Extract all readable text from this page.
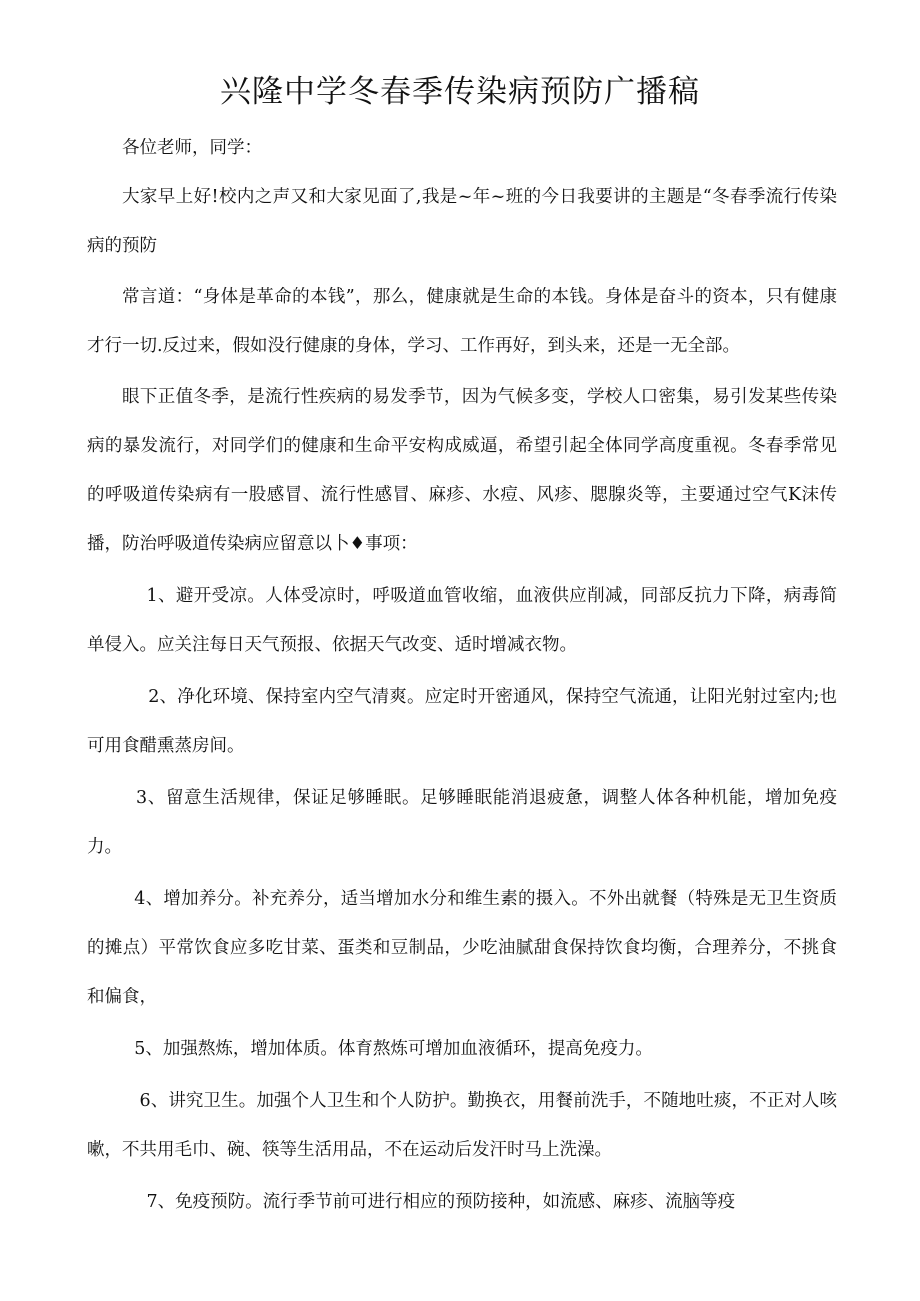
兴隆中学冬春季传染病预防广播稿

各位老师，同学：

大家早上好!校内之声又和大家见面了,我是~年~班的今日我要讲的主题是“冬春季流行传染病的预防

常言道：“身体是革命的本钱”，那么，健康就是生命的本钱。身体是奋斗的资本，只有健康才行一切.反过来，假如没行健康的身体，学习、工作再好，到头来，还是一无全部。

眼下正值冬季，是流行性疾病的易发季节，因为气候多变，学校人口密集，易引发某些传染病的暴发流行，对同学们的健康和生命平安构成威逼，希望引起全体同学高度重视。冬春季常见的呼吸道传染病有一股感冒、流行性感冒、麻疹、水痘、风疹、腮腺炎等，主要通过空气K沫传播，防治呼吸道传染病应留意以卜♦事项：

1、避开受凉。人体受凉时，呼吸道血管收缩，血液供应削减，同部反抗力下降，病毒简单侵入。应关注每日天气预报、依据天气改变、适时增减衣物。

2、净化环境、保持室内空气清爽。应定时开密通风，保持空气流通，让阳光射过室内;也可用食醋熏蒸房间。

3、留意生活规律，保证足够睡眠。足够睡眠能消退疲惫，调整人体各种机能，增加免疫力。

4、增加养分。补充养分，适当增加水分和维生素的摄入。不外出就餐（特殊是无卫生资质的摊点）平常饮食应多吃甘菜、蛋类和豆制品，少吃油腻甜食保持饮食均衡，合理养分，不挑食和偏食，

5、加强熬炼，增加体质。体育熬炼可增加血液循环，提高免疫力。

6、讲究卫生。加强个人卫生和个人防护。勤换衣，用餐前洗手，不随地吐痰，不正对人咳嗽，不共用毛巾、碗、筷等生活用品，不在运动后发汗时马上洗澡。

7、免疫预防。流行季节前可进行相应的预防接种，如流感、麻疹、流脑等疫
